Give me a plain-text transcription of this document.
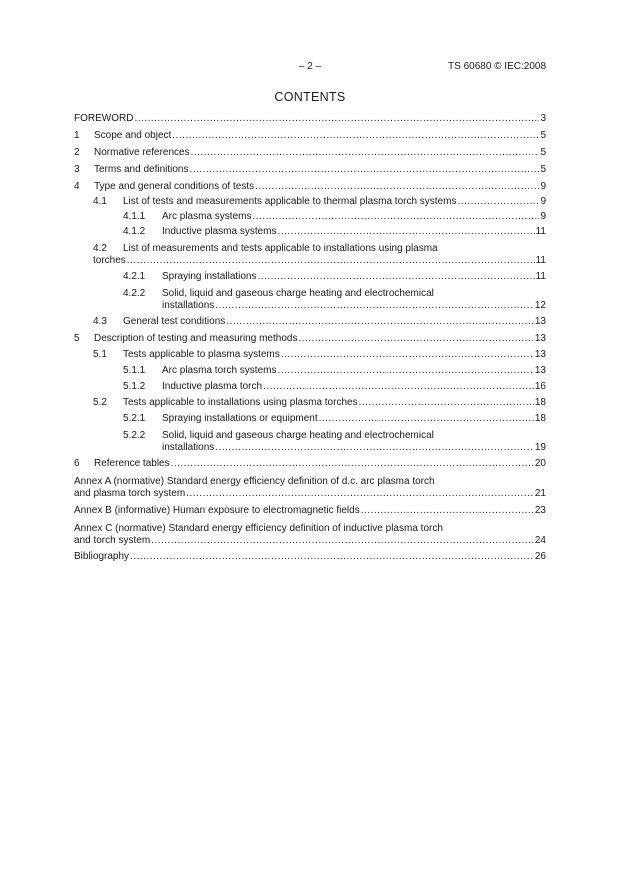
– 2 –	TS 60680 © IEC:2008
CONTENTS
FOREWORD .....	3
1	Scope and object .....	5
2	Normative references .....	5
3	Terms and definitions .....	5
4	Type and general conditions of tests .....	9
4.1	List of tests and measurements applicable to thermal plasma torch systems .....	9
4.1.1	Arc plasma systems .....	9
4.1.2	Inductive plasma systems .....	11
4.2	List of measurements and tests applicable to installations using plasma
torches .....	11
4.2.1	Spraying installations .....	11
4.2.2	Solid, liquid and gaseous charge heating and electrochemical
installations .....	12
4.3	General test conditions .....	13
5	Description of testing and measuring methods .....	13
5.1	Tests applicable to plasma systems .....	13
5.1.1	Arc plasma torch systems .....	13
5.1.2	Inductive plasma torch .....	16
5.2	Tests applicable to installations using plasma torches .....	18
5.2.1	Spraying installations or equipment .....	18
5.2.2	Solid, liquid and gaseous charge heating and electrochemical
installations .....	19
6	Reference tables .....	20
Annex A (normative) Standard energy efficiency definition of d.c. arc plasma torch
and plasma torch system .....	21
Annex B (informative) Human exposure to electromagnetic fields .....	23
Annex C (normative) Standard energy efficiency definition of inductive plasma torch
and torch system .....	24
Bibliography .....	26
